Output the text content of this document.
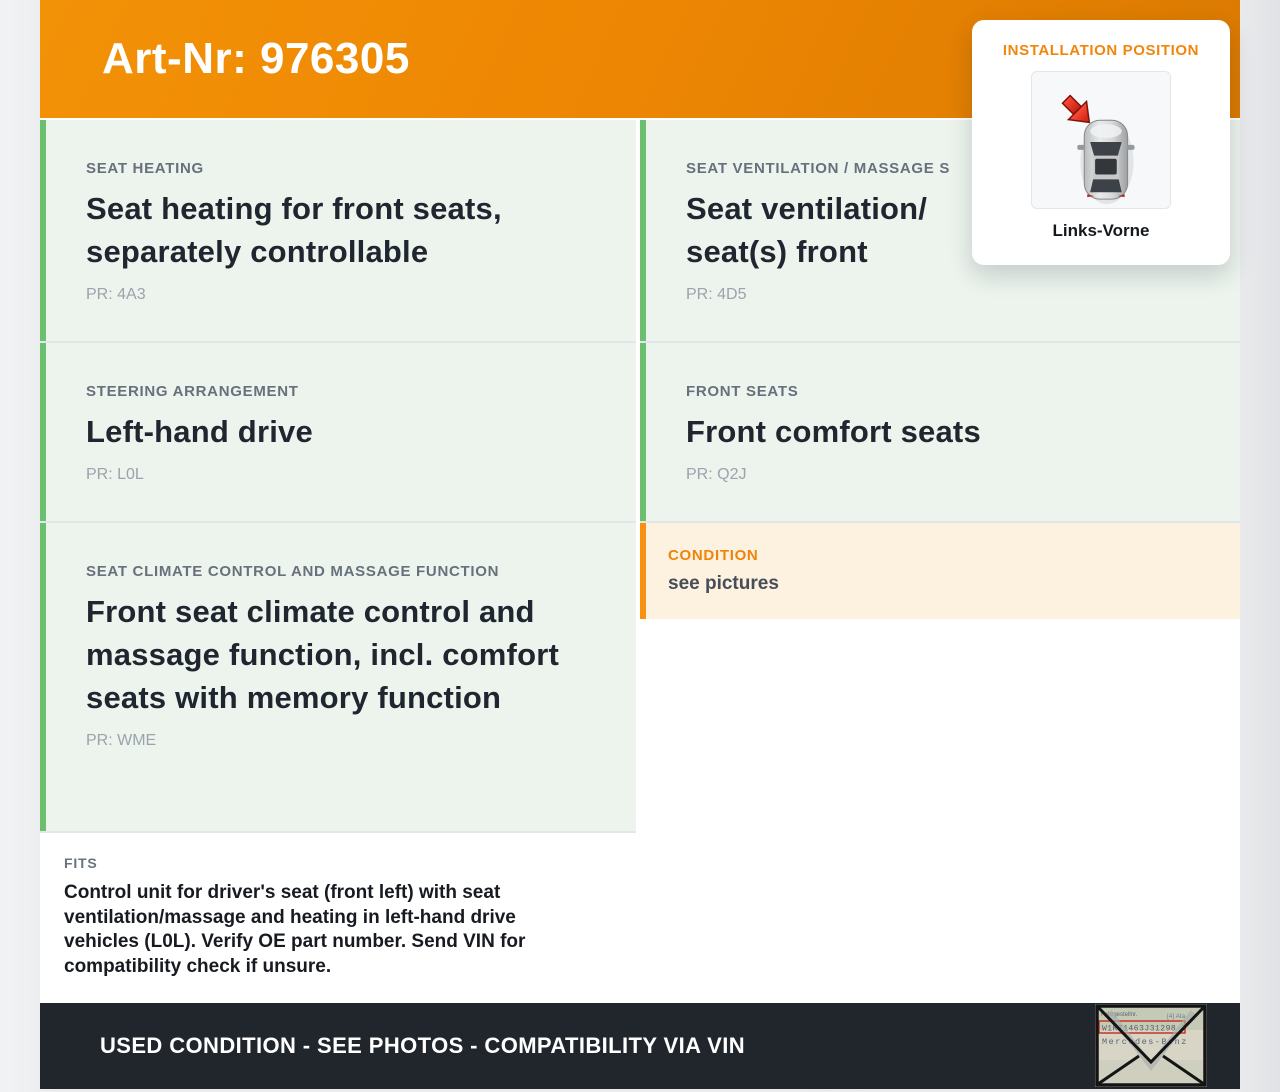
Art-Nr: 976305
SEAT HEATING
Seat heating for front seats, separately controllable
PR: 4A3
STEERING ARRANGEMENT
Left-hand drive
PR: L0L
SEAT CLIMATE CONTROL AND MASSAGE FUNCTION
Front seat climate control and massage function, incl. comfort seats with memory function
PR: WME
FITS
Control unit for driver's seat (front left) with seat ventilation/massage and heating in left-hand drive vehicles (L0L). Verify OE part number. Send VIN for compatibility check if unsure.
SEAT VENTILATION / MASSAGE S
Seat ventilation/
seat(s) front
PR: 4D5
FRONT SEATS
Front comfort seats
PR: Q2J
CONDITION
see pictures
INSTALLATION POSITION
Links-Vorne
USED CONDITION - SEE PHOTOS - COMPATIBILITY VIA VIN
Fahrgestellnr.	[4] Ala
W1K71463J31298 7
Mercedes-Benz
